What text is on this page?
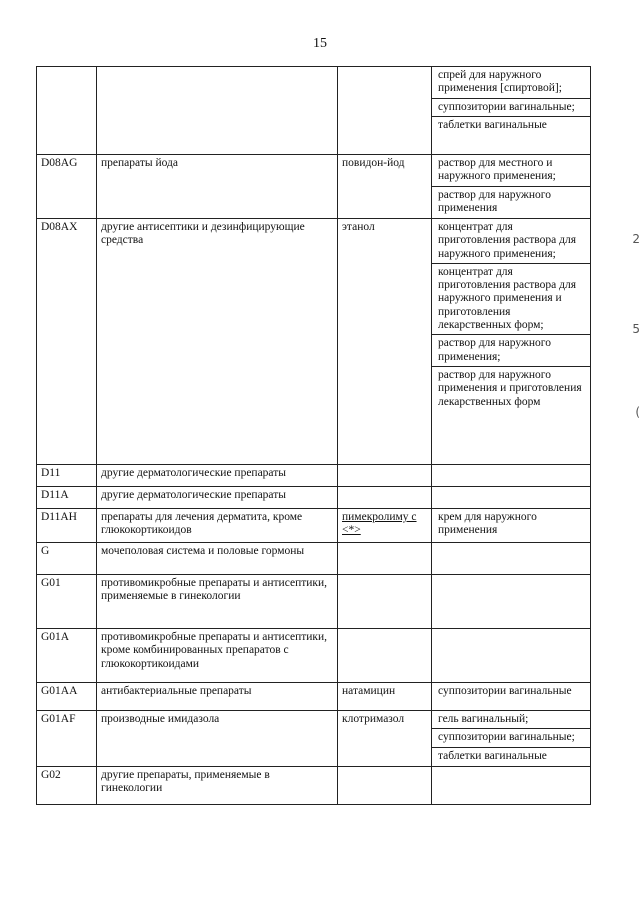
15
2
5
(

			спрей для наружного применения [спиртовой];
суппозитории вагинальные;
таблетки вагинальные

D08AG	препараты йода	повидон-йод	раствор для местного и наружного применения;
раствор для наружного применения

D08AX	другие антисептики и дезинфицирующие средства	этанол	концентрат для приготовления раствора для наружного применения;
концентрат для приготовления раствора для наружного применения и приготовления лекарственных форм;
раствор для наружного применения;
раствор для наружного применения и приготовления лекарственных форм

D11	другие дерматологические препараты		

D11A	другие дерматологические препараты		

D11AH	препараты для лечения дерматита, кроме глюкокортикоидов	пимекролиму с <*>	крем для наружного применения

G	мочеполовая система и половые гормоны		

G01	противомикробные препараты и антисептики, применяемые в гинекологии		

G01A	противомикробные препараты и антисептики, кроме комбинированных препаратов с глюкокортикоидами		

G01AA	антибактериальные препараты	натамицин	суппозитории вагинальные

G01AF	производные имидазола	клотримазол	гель вагинальный;
суппозитории вагинальные;
таблетки вагинальные

G02	другие препараты, применяемые в гинекологии		
